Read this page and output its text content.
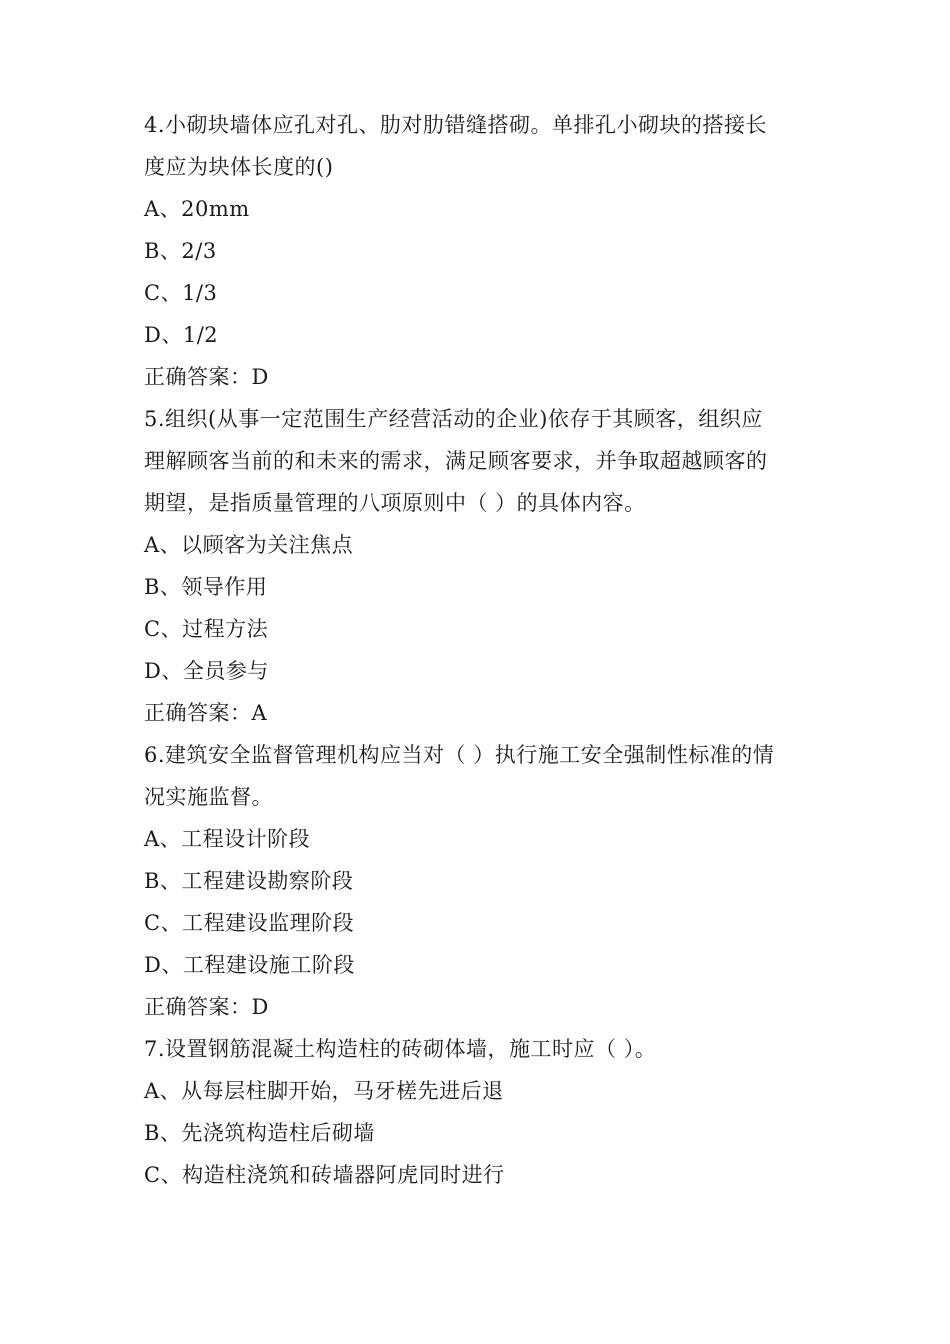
4.小砌块墙体应孔对孔、肋对肋错缝搭砌。单排孔小砌块的搭接长
度应为块体长度的()
A、20mm
B、2/3
C、1/3
D、1/2
正确答案：D
5.组织(从事一定范围生产经营活动的企业)依存于其顾客，组织应
理解顾客当前的和未来的需求，满足顾客要求，并争取超越顾客的
期望，是指质量管理的八项原则中（ ）的具体内容。
A、以顾客为关注焦点
B、领导作用
C、过程方法
D、全员参与
正确答案：A
6.建筑安全监督管理机构应当对（ ）执行施工安全强制性标准的情
况实施监督。
A、工程设计阶段
B、工程建设勘察阶段
C、工程建设监理阶段
D、工程建设施工阶段
正确答案：D
7.设置钢筋混凝土构造柱的砖砌体墙，施工时应（ ）。
A、从每层柱脚开始，马牙槎先进后退
B、先浇筑构造柱后砌墙
C、构造柱浇筑和砖墙器阿虎同时进行
